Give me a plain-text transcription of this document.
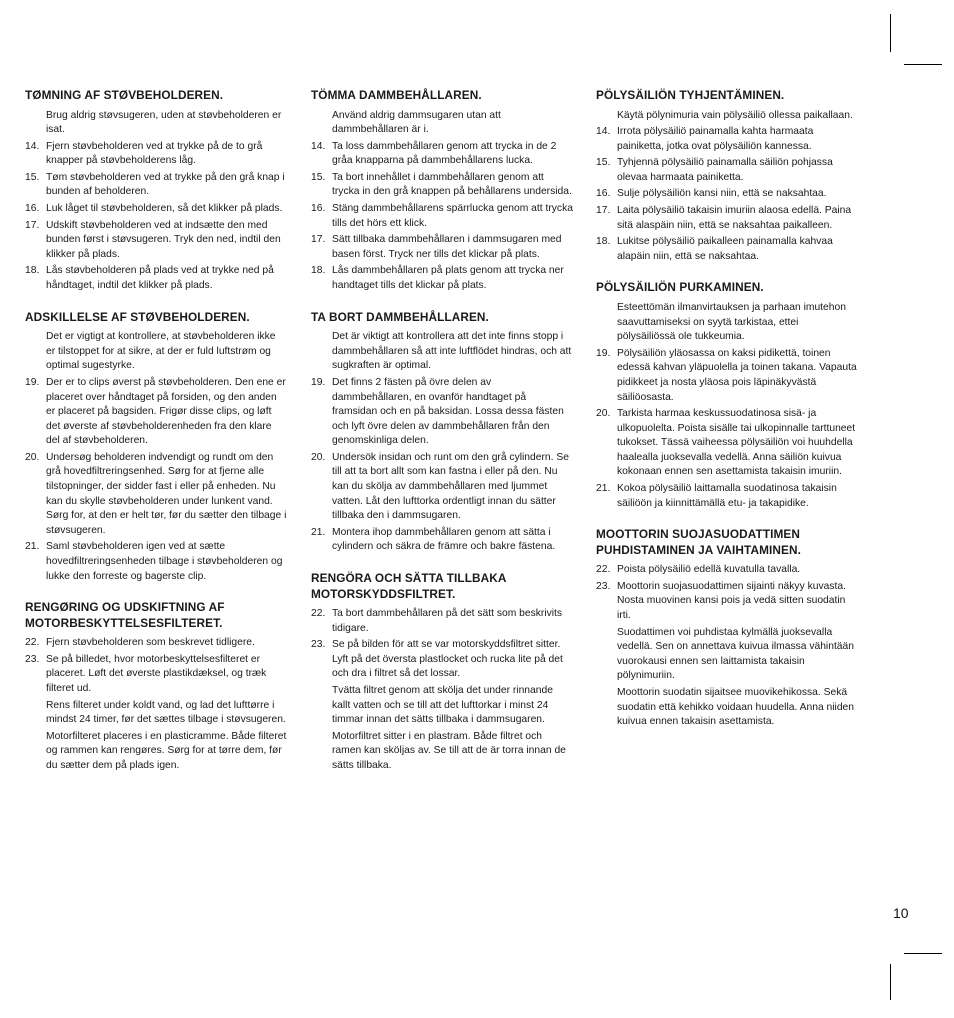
TØMNING AF STØVBEHOLDEREN.
Brug aldrig støvsugeren, uden at støvbeholderen er isat.
14. Fjern støvbeholderen ved at trykke på de to grå knapper på støvbeholderens låg.
15. Tøm støvbeholderen ved at trykke på den grå knap i bunden af beholderen.
16. Luk låget til støvbeholderen, så det klikker på plads.
17. Udskift støvbeholderen ved at indsætte den med bunden først i støvsugeren. Tryk den ned, indtil den klikker på plads.
18. Lås støvbeholderen på plads ved at trykke ned på håndtaget, indtil det klikker på plads.
ADSKILLELSE AF STØVBEHOLDEREN.
Det er vigtigt at kontrollere, at støvbeholderen ikke er tilstoppet for at sikre, at der er fuld luftstrøm og optimal sugestyrke.
19. Der er to clips øverst på støvbeholderen. Den ene er placeret over håndtaget på forsiden, og den anden er placeret på bagsiden. Frigør disse clips, og løft det øverste af støvbeholderenheden fra den klare del af støvbeholderen.
20. Undersøg beholderen indvendigt og rundt om den grå hovedfiltreringsenhed. Sørg for at fjerne alle tilstopninger, der sidder fast i eller på enheden. Nu kan du skylle støvbeholderen under lunkent vand. Sørg for, at den er helt tør, før du sætter den tilbage i støvsugeren.
21. Saml støvbeholderen igen ved at sætte hovedfiltreringsenheden tilbage i støvbeholderen og lukke den forreste og bagerste clip.
RENGØRING OG UDSKIFTNING AF MOTORBESKYTTELSESFILTERET.
22. Fjern støvbeholderen som beskrevet tidligere.
23. Se på billedet, hvor motorbeskyttelsesfilteret er placeret. Løft det øverste plastikdæksel, og træk filteret ud.
Rens filteret under koldt vand, og lad det lufttørre i mindst 24 timer, før det sættes tilbage i støvsugeren.
Motorfilteret placeres i en plasticramme. Både filteret og rammen kan rengøres. Sørg for at tørre dem, før du sætter dem på plads igen.
TÖMMA DAMMBEHÅLLAREN.
Använd aldrig dammsugaren utan att dammbehållaren är i.
14. Ta loss dammbehållaren genom att trycka in de 2 gråa knapparna på dammbehållarens lucka.
15. Ta bort innehållet i dammbehållaren genom att trycka in den grå knappen på behållarens undersida.
16. Stäng dammbehållarens spärrlucka genom att trycka tills det hörs ett klick.
17. Sätt tillbaka dammbehållaren i dammsugaren med basen först. Tryck ner tills det klickar på plats.
18. Lås dammbehållaren på plats genom att trycka ner handtaget tills det klickar på plats.
TA BORT DAMMBEHÅLLAREN.
Det är viktigt att kontrollera att det inte finns stopp i dammbehållaren så att inte luftflödet hindras, och att sugkraften är optimal.
19. Det finns 2 fästen på övre delen av dammbehållaren, en ovanför handtaget på framsidan och en på baksidan. Lossa dessa fästen och lyft övre delen av dammbehållaren från den genomskinliga delen.
20. Undersök insidan och runt om den grå cylindern. Se till att ta bort allt som kan fastna i eller på den. Nu kan du skölja av dammbehållaren med ljummet vatten. Låt den lufttorka ordentligt innan du sätter tillbaka den i dammsugaren.
21. Montera ihop dammbehållaren genom att sätta i cylindern och säkra de främre och bakre fästena.
RENGÖRA OCH SÄTTA TILLBAKA MOTORSKYDDSFILTRET.
22. Ta bort dammbehållaren på det sätt som beskrivits tidigare.
23. Se på bilden för att se var motorskyddsfiltret sitter. Lyft på det översta plastlocket och rucka lite på det och dra i filtret så det lossar.
Tvätta filtret genom att skölja det under rinnande kallt vatten och se till att det lufttorkar i minst 24 timmar innan det sätts tillbaka i dammsugaren.
Motorfiltret sitter i en plastram. Både filtret och ramen kan sköljas av. Se till att de är torra innan de sätts tillbaka.
PÖLYSÄILIÖN TYHJENTÄMINEN.
Käytä pölynimuria vain pölysäiliö ollessa paikallaan.
14. Irrota pölysäiliö painamalla kahta harmaata painiketta, jotka ovat pölysäiliön kannessa.
15. Tyhjennä pölysäiliö painamalla säiliön pohjassa olevaa harmaata painiketta.
16. Sulje pölysäiliön kansi niin, että se naksahtaa.
17. Laita pölysäiliö takaisin imuriin alaosa edellä. Paina sitä alaspäin niin, että se naksahtaa paikalleen.
18. Lukitse pölysäiliö paikalleen painamalla kahvaa alapäin niin, että se naksahtaa.
PÖLYSÄILIÖN PURKAMINEN.
Esteettömän ilmanvirtauksen ja parhaan imutehon saavuttamiseksi on syytä tarkistaa, ettei pölysäiliössä ole tukkeumia.
19. Pölysäiliön yläosassa on kaksi pidikettä, toinen edessä kahvan yläpuolella ja toinen takana. Vapauta pidikkeet ja nosta yläosa pois läpinäkyvästä säiliöosasta.
20. Tarkista harmaa keskussuodatinosa sisä- ja ulkopuolelta. Poista sisälle tai ulkopinnalle tarttuneet tukokset. Tässä vaiheessa pölysäiliön voi huuhdella haalealla juoksevalla vedellä. Anna säiliön kuivua kokonaan ennen sen asettamista takaisin imuriin.
21. Kokoa pölysäiliö laittamalla suodatinosa takaisin säiliöön ja kiinnittämällä etu- ja takapidike.
MOOTTORIN SUOJASUODATTIMEN PUHDISTAMINEN JA VAIHTAMINEN.
22. Poista pölysäiliö edellä kuvatulla tavalla.
23. Moottorin suojasuodattimen sijainti näkyy kuvasta. Nosta muovinen kansi pois ja vedä sitten suodatin irti.
Suodattimen voi puhdistaa kylmällä juoksevalla vedellä. Sen on annettava kuivua ilmassa vähintään vuorokausi ennen sen laittamista takaisin pölynimuriin.
Moottorin suodatin sijaitsee muovikehikossa. Sekä suodatin että kehikko voidaan huudella. Anna niiden kuivua ennen takaisin asettamista.
10
